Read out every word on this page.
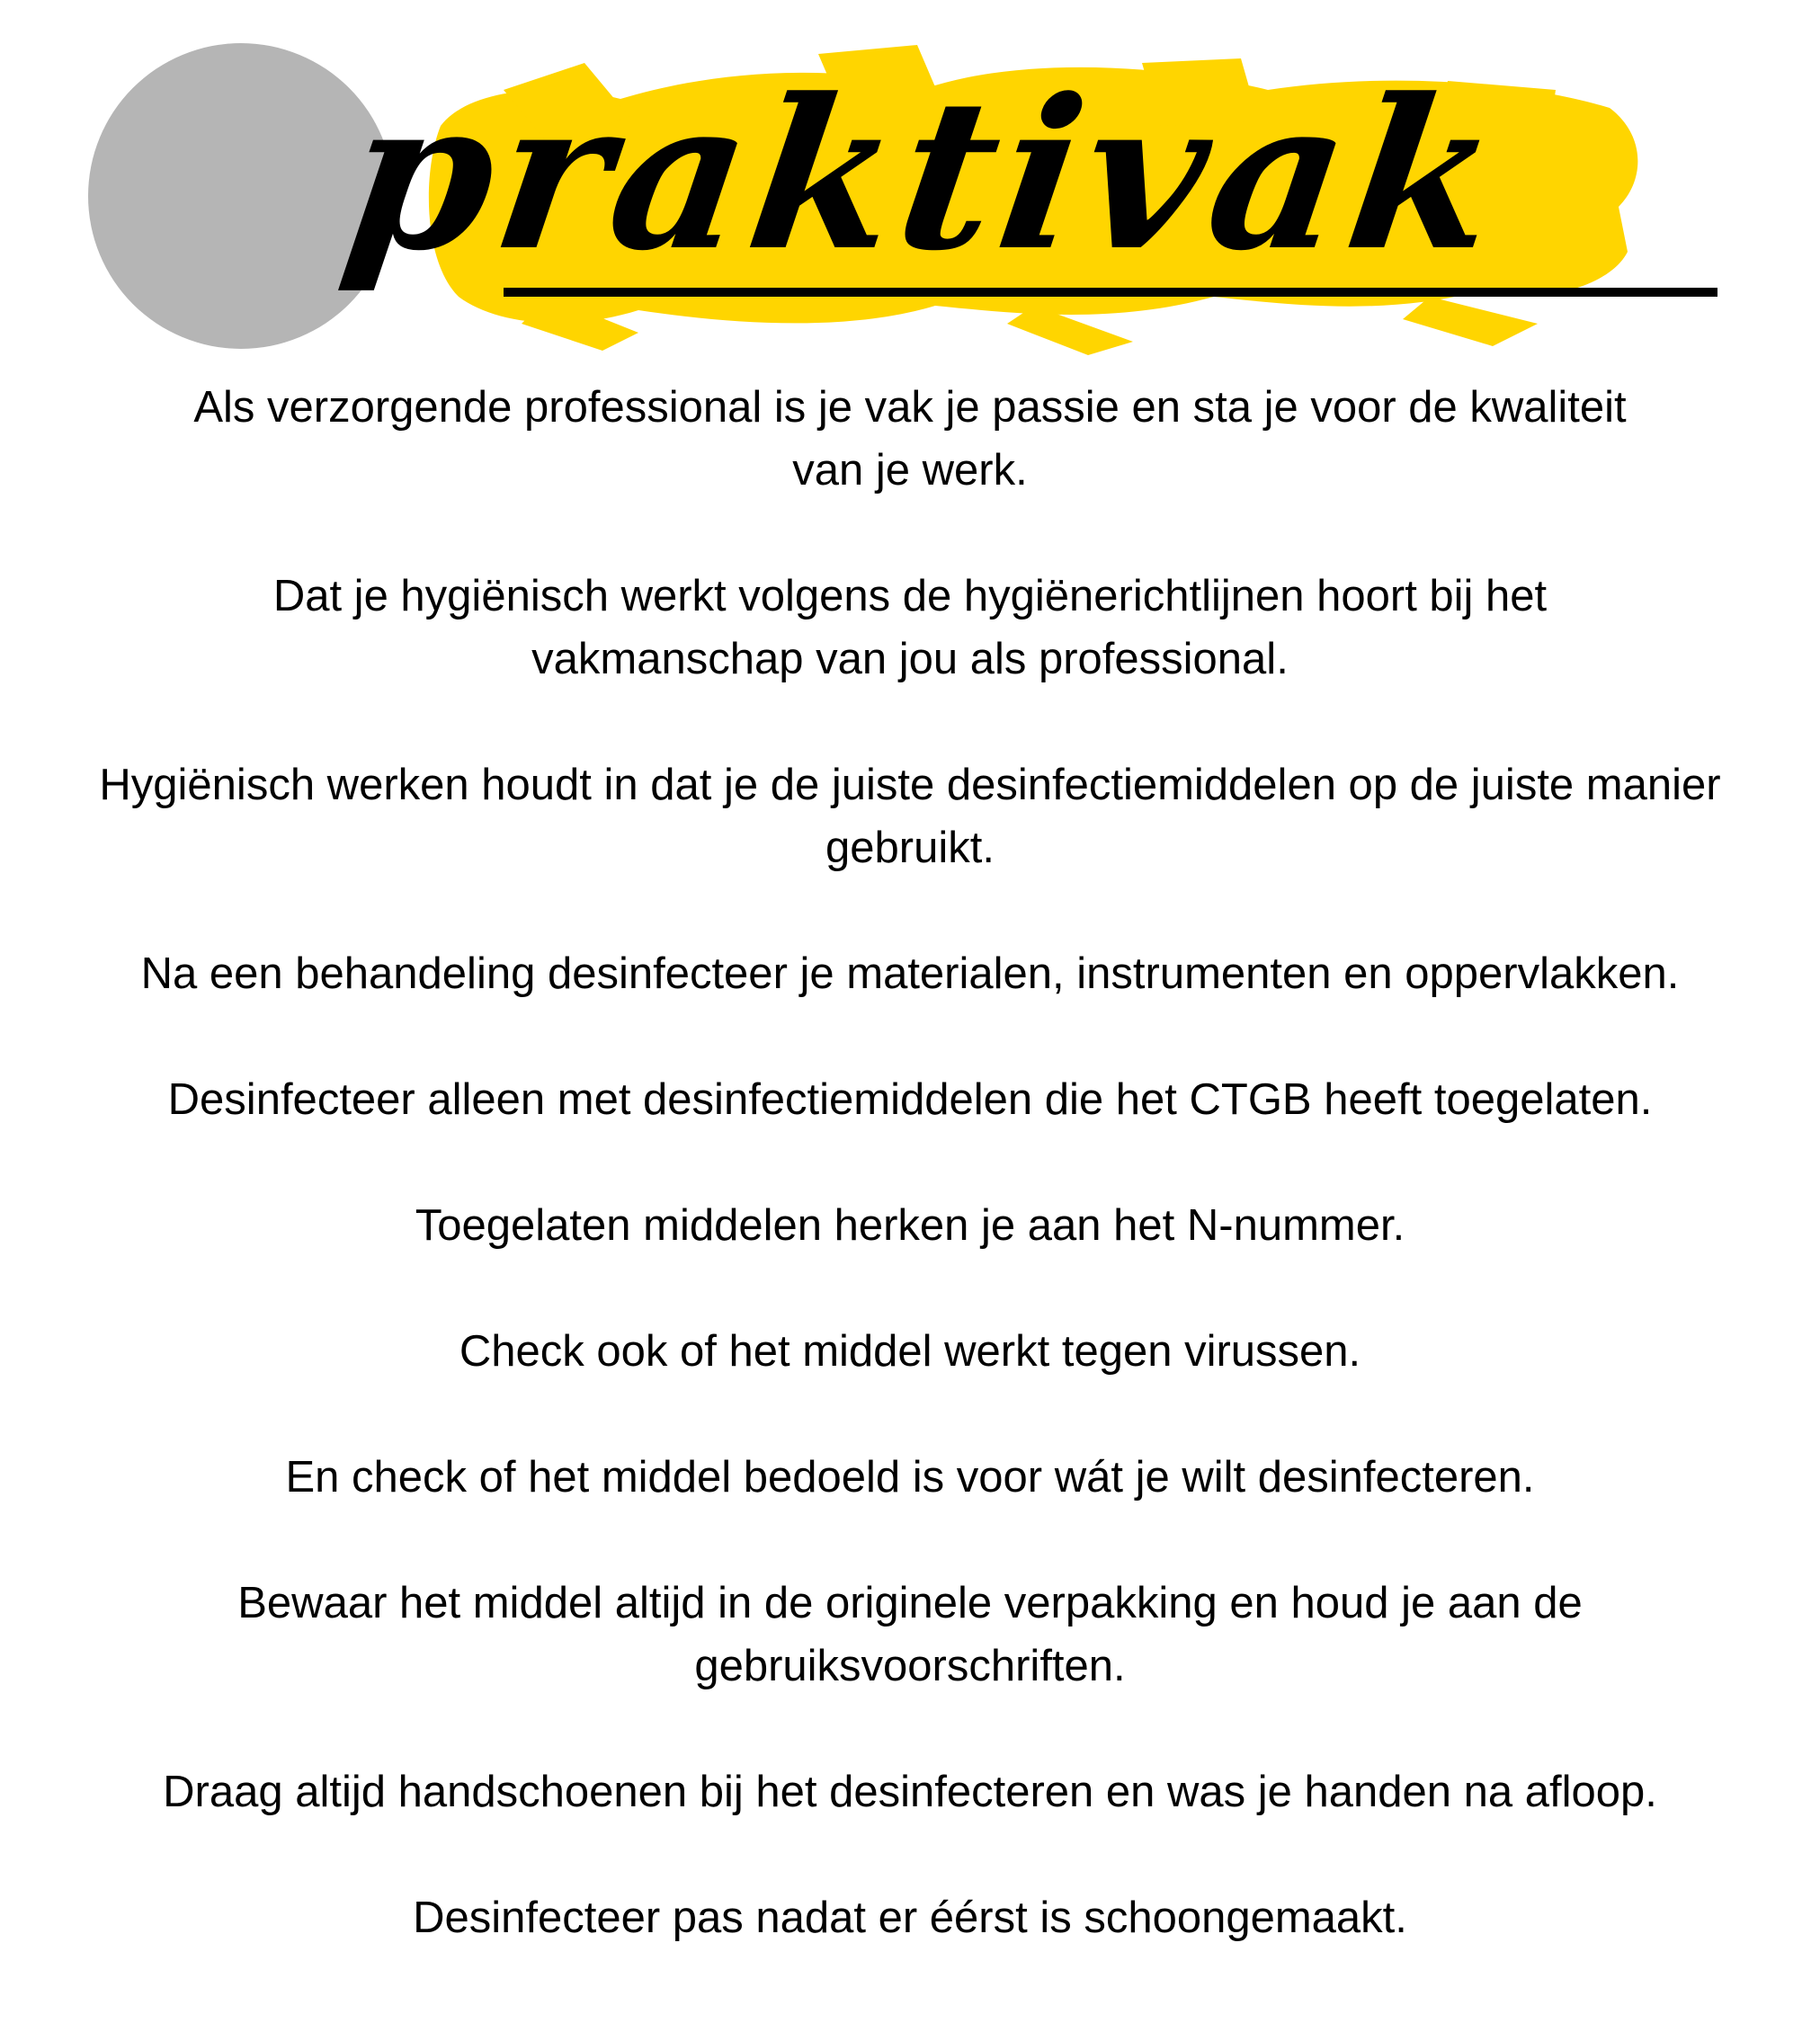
praktivak

Als verzorgende professional is je vak je passie en sta je voor de kwaliteit van je werk.

Dat je hygiënisch werkt volgens de hygiënerichtlijnen hoort bij het vakmanschap van jou als professional.

Hygiënisch werken houdt in dat je de juiste desinfectiemiddelen op de juiste manier gebruikt.

Na een behandeling desinfecteer je materialen, instrumenten en oppervlakken.

Desinfecteer alleen met desinfectiemiddelen die het CTGB heeft toegelaten.

Toegelaten middelen herken je aan het N-nummer.

Check ook of het middel werkt tegen virussen.

En check of het middel bedoeld is voor wát je wilt desinfecteren.

Bewaar het middel altijd in de originele verpakking en houd je aan de gebruiksvoorschriften.

Draag altijd handschoenen bij het desinfecteren en was je handen na afloop.

Desinfecteer pas nadat er éérst is schoongemaakt.
